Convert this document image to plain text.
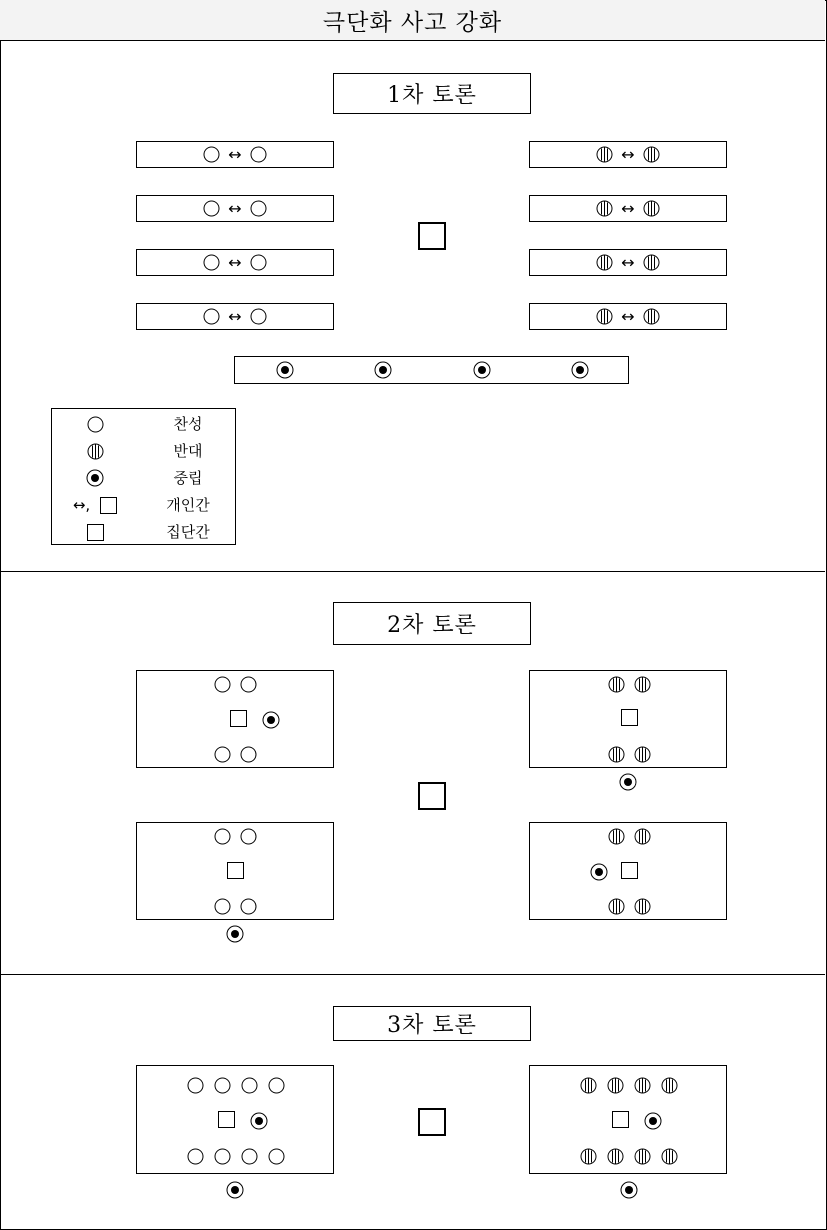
극단화 사고 강화
1차 토론
↔
↔
↔
↔
↔
↔
↔
↔
찬성
반대
중립
↔,	개인간
집단간
2차 토론
3차 토론
